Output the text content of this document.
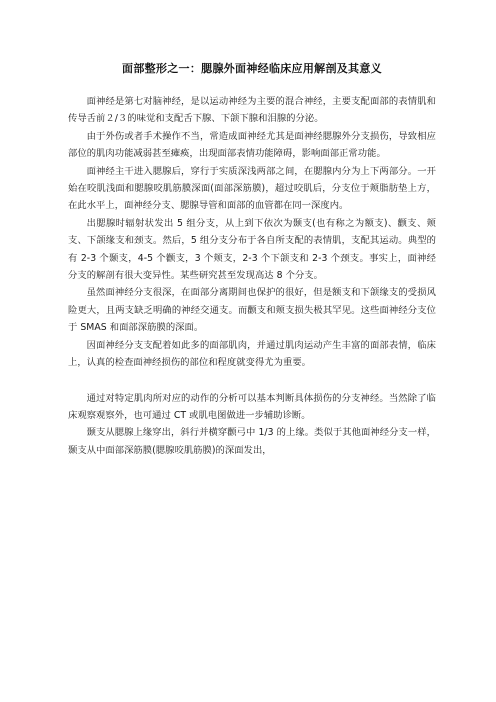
面部整形之一：腮腺外面神经临床应用解剖及其意义

面神经是第七对脑神经，是以运动神经为主要的混合神经，主要支配面部的表情肌和传导舌前２/３的味觉和支配舌下腺、下颌下腺和泪腺的分泌。

由于外伤或者手术操作不当，常造成面神经尤其是面神经腮腺外分支损伤，导致相应部位的肌肉功能减弱甚至瘫痪，出现面部表情功能障碍，影响面部正常功能。

面神经主干进入腮腺后，穿行于实质深浅两部之间，在腮腺内分为上下两部分。一开始在咬肌浅面和腮腺咬肌筋膜深面(面部深筋膜)，超过咬肌后，分支位于颊脂肪垫上方，在此水平上，面神经分支、腮腺导管和面部的血管都在同一深度内。

出腮腺时辐射状发出 5 组分支，从上到下依次为颞支(也有称之为额支)、颧支、颊支、下颌缘支和颈支。然后，5 组分支分布于各自所支配的表情肌，支配其运动。典型的有 2-3 个颞支，4-5 个颧支，3 个颊支，2-3 个下颌支和 2-3 个颈支。事实上，面神经分支的解剖有很大变异性。某些研究甚至发现高达 8 个分支。

虽然面神经分支很深，在面部分离期间也保护的很好，但是额支和下颌缘支的受损风险更大，且两支缺乏明确的神经交通支。而颧支和颊支损失极其罕见。这些面神经分支位于 SMAS 和面部深筋膜的深面。

因面神经分支支配着如此多的面部肌肉，并通过肌肉运动产生丰富的面部表情，临床上，认真的检查面神经损伤的部位和程度就变得尤为重要。

通过对特定肌肉所对应的动作的分析可以基本判断具体损伤的分支神经。当然除了临床观察观察外，也可通过 CT 或肌电图做进一步辅助诊断。

颞支从腮腺上缘穿出，斜行并横穿颧弓中 1/3 的上缘。类似于其他面神经分支一样，颞支从中面部深筋膜(腮腺咬肌筋膜)的深面发出，
